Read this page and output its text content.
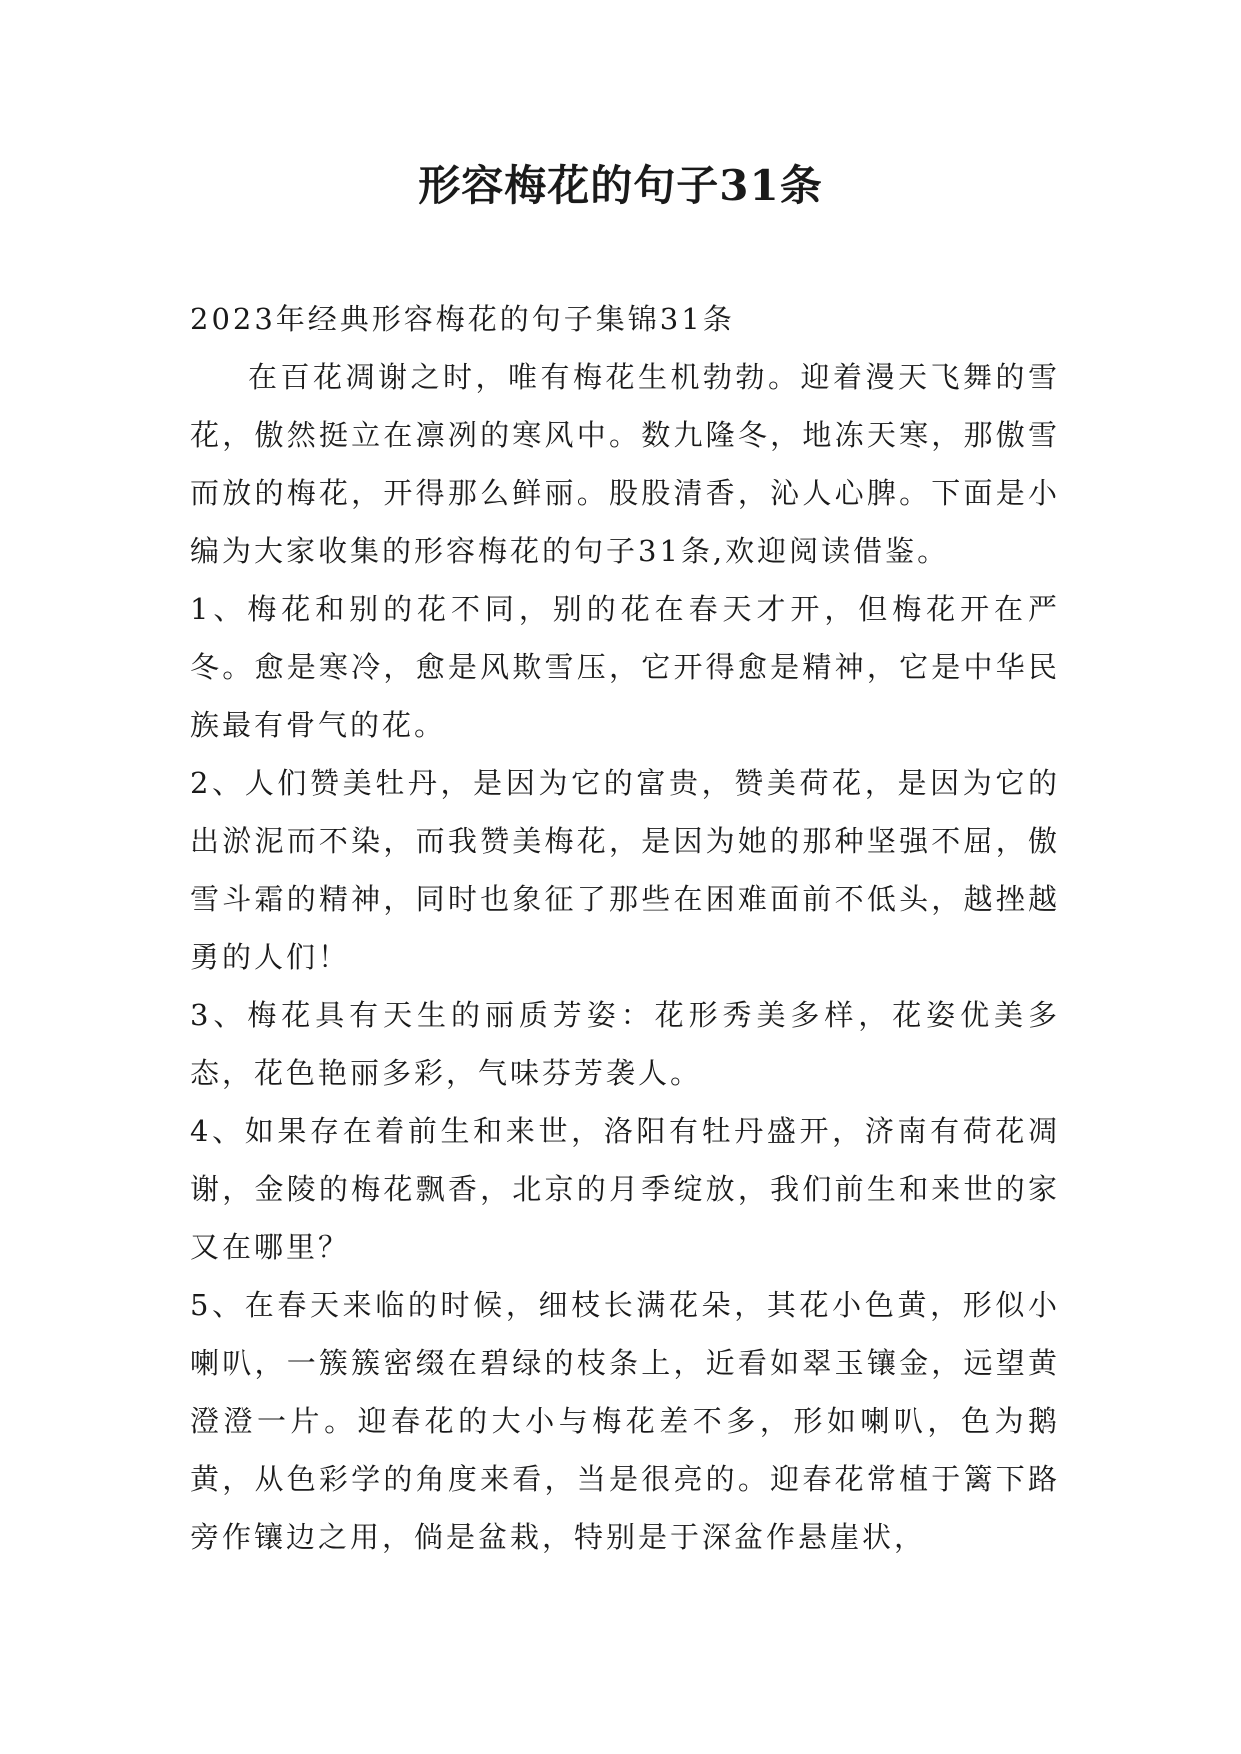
形容梅花的句子31条

2023年经典形容梅花的句子集锦31条

在百花凋谢之时，唯有梅花生机勃勃。迎着漫天飞舞的雪花，傲然挺立在凛冽的寒风中。数九隆冬，地冻天寒，那傲雪而放的梅花，开得那么鲜丽。股股清香，沁人心脾。下面是小编为大家收集的形容梅花的句子31条,欢迎阅读借鉴。

1、梅花和别的花不同，别的花在春天才开，但梅花开在严冬。愈是寒冷，愈是风欺雪压，它开得愈是精神，它是中华民族最有骨气的花。

2、人们赞美牡丹，是因为它的富贵，赞美荷花，是因为它的出淤泥而不染，而我赞美梅花，是因为她的那种坚强不屈，傲雪斗霜的精神，同时也象征了那些在困难面前不低头，越挫越勇的人们！

3、梅花具有天生的丽质芳姿：花形秀美多样，花姿优美多态，花色艳丽多彩，气味芬芳袭人。

4、如果存在着前生和来世，洛阳有牡丹盛开，济南有荷花凋谢，金陵的梅花飘香，北京的月季绽放，我们前生和来世的家又在哪里？

5、在春天来临的时候，细枝长满花朵，其花小色黄，形似小喇叭，一簇簇密缀在碧绿的枝条上，近看如翠玉镶金，远望黄澄澄一片。迎春花的大小与梅花差不多，形如喇叭，色为鹅黄，从色彩学的角度来看，当是很亮的。迎春花常植于篱下路旁作镶边之用，倘是盆栽，特别是于深盆作悬崖状，
